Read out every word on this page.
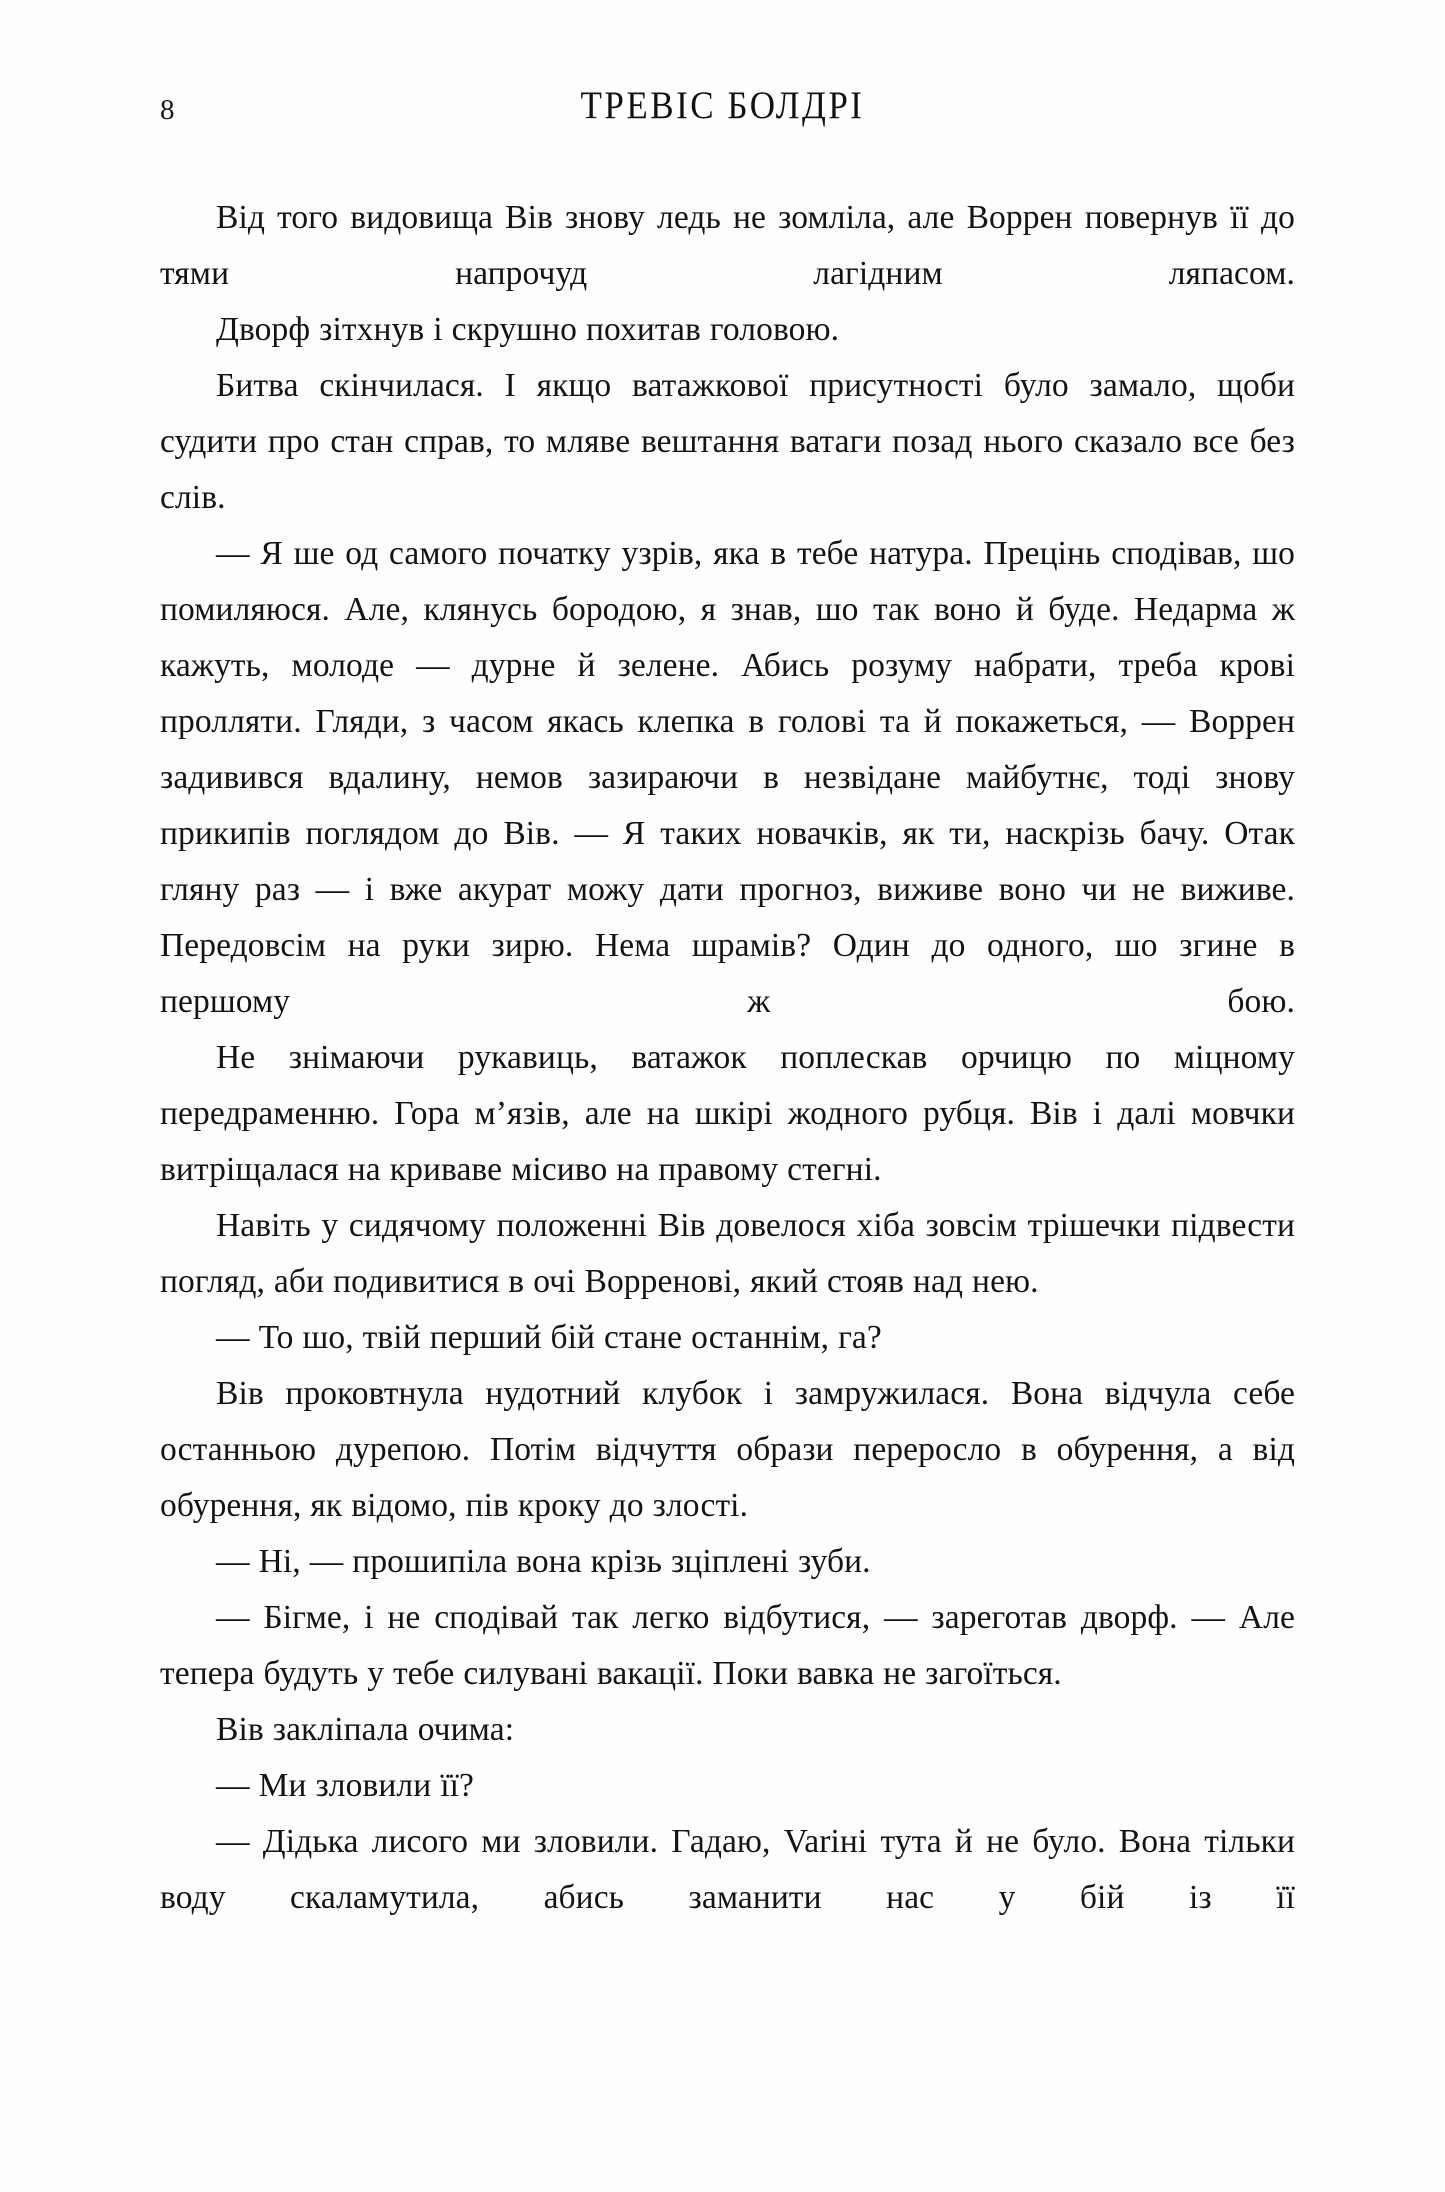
8	ТРЕВІС БОЛДРІ

Від того видовища Вів знову ледь не зомліла, але Воррен повернув її до тями напрочуд лагідним ляпасом.

Дворф зітхнув і скрушно похитав головою.

Битва скінчилася. І якщо ватажкової присутності було замало, щоби судити про стан справ, то мляве вештання ватаги позад нього сказало все без слів.

— Я ше од самого початку узрів, яка в тебе натура. Прецінь сподівав, шо помиляюся. Але, клянусь бородою, я знав, шо так воно й буде. Недарма ж кажуть, молоде — дурне й зелене. Абись розуму набрати, треба крові пролляти. Гляди, з часом якась клепка в голові та й покажеться, — Воррен задивився вдалину, немов зазираючи в незвідане майбутнє, тоді знову прикипів поглядом до Вів. — Я таких новачків, як ти, наскрізь бачу. Отак гляну раз — і вже акурат можу дати прогноз, виживе воно чи не виживе. Передовсім на руки зирю. Нема шрамів? Один до одного, шо згине в першому ж бою.

Не знімаючи рукавиць, ватажок поплескав орчицю по міцному передраменню. Гора м’язів, але на шкірі жодного рубця. Вів і далі мовчки витріщалася на криваве місиво на правому стегні.

Навіть у сидячому положенні Вів довелося хіба зовсім трішечки підвести погляд, аби подивитися в очі Ворренові, який стояв над нею.

— То шо, твій перший бій стане останнім, га?

Вів проковтнула нудотний клубок і замружилася. Вона відчула себе останньою дурепою. Потім відчуття образи переросло в обурення, а від обурення, як відомо, пів кроку до злості.

— Ні, — прошипіла вона крізь зціплені зуби.

— Бігме, і не сподівай так легко відбутися, — зареготав дворф. — Але тепера будуть у тебе силувані вакації. Поки вавка не загоїться.

Вів закліпала очима:

— Ми зловили її?

— Дідька лисого ми зловили. Гадаю, Variні тута й не було. Вона тільки воду скаламутила, абись заманити нас у бій із її
